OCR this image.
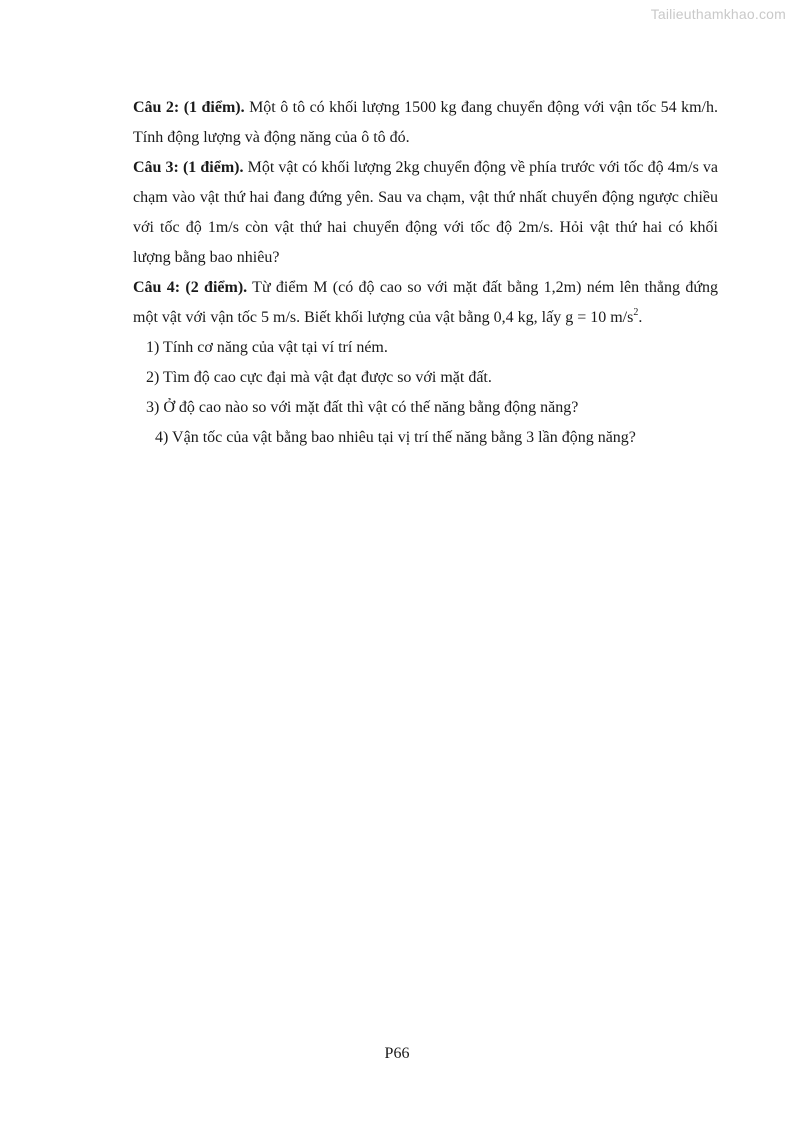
Tailieuthamkhao.com

Câu 2: (1 điểm). Một ô tô có khối lượng 1500 kg đang chuyển động với vận tốc 54 km/h. Tính động lượng và động năng của ô tô đó.

Câu 3: (1 điểm). Một vật có khối lượng 2kg chuyển động về phía trước với tốc độ 4m/s va chạm vào vật thứ hai đang đứng yên. Sau va chạm, vật thứ nhất chuyển động ngược chiều với tốc độ 1m/s còn vật thứ hai chuyển động với tốc độ 2m/s. Hỏi vật thứ hai có khối lượng bằng bao nhiêu?

Câu 4: (2 điểm). Từ điểm M (có độ cao so với mặt đất bằng 1,2m) ném lên thẳng đứng một vật với vận tốc 5 m/s. Biết khối lượng của vật bằng 0,4 kg, lấy g = 10 $m/s^2$.

1) Tính cơ năng của vật tại ví trí ném.

2) Tìm độ cao cực đại mà vật đạt được so với mặt đất.

3) Ở độ cao nào so với mặt đất thì vật có thế năng bằng động năng?

4) Vận tốc của vật bằng bao nhiêu tại vị trí thế năng bằng 3 lần động năng?

P66
